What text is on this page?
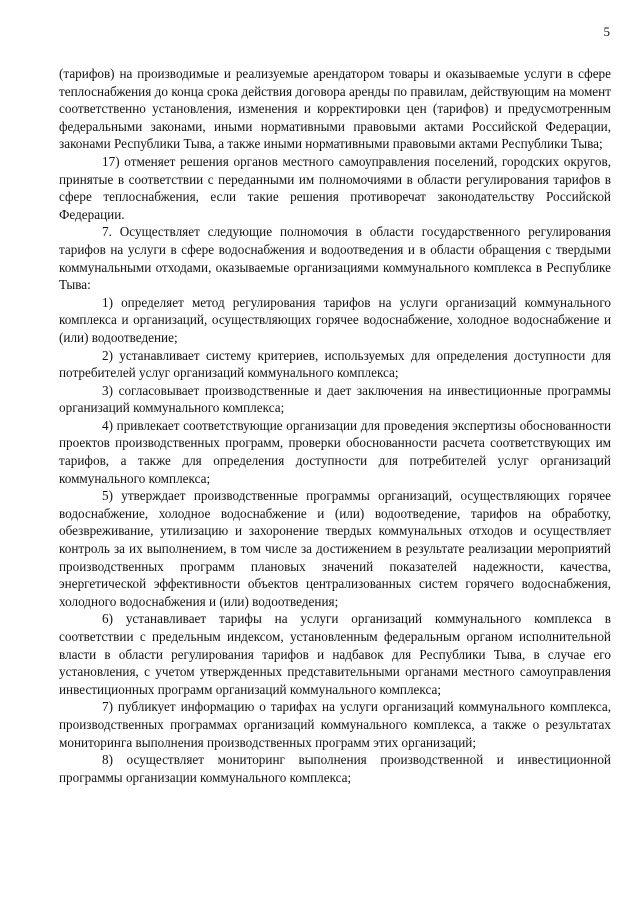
5

(тарифов) на производимые и реализуемые арендатором товары и оказываемые услуги в сфере теплоснабжения до конца срока действия договора аренды по правилам, действующим на момент соответственно установления, изменения и корректировки цен (тарифов) и предусмотренным федеральными законами, иными нормативными правовыми актами Российской Федерации, законами Республики Тыва, а также иными нормативными правовыми актами Республики Тыва;

17) отменяет решения органов местного самоуправления поселений, городских округов, принятые в соответствии с переданными им полномочиями в области регулирования тарифов в сфере теплоснабжения, если такие решения противоречат законодательству Российской Федерации.

7. Осуществляет следующие полномочия в области государственного регулирования тарифов на услуги в сфере водоснабжения и водоотведения и в области обращения с твердыми коммунальными отходами, оказываемые организациями коммунального комплекса в Республике Тыва:

1) определяет метод регулирования тарифов на услуги организаций коммунального комплекса и организаций, осуществляющих горячее водоснабжение, холодное водоснабжение и (или) водоотведение;

2) устанавливает систему критериев, используемых для определения доступности для потребителей услуг организаций коммунального комплекса;

3) согласовывает производственные и дает заключения на инвестиционные программы организаций коммунального комплекса;

4) привлекает соответствующие организации для проведения экспертизы обоснованности проектов производственных программ, проверки обоснованности расчета соответствующих им тарифов, а также для определения доступности для потребителей услуг организаций коммунального комплекса;

5) утверждает производственные программы организаций, осуществляющих горячее водоснабжение, холодное водоснабжение и (или) водоотведение, тарифов на обработку, обезвреживание, утилизацию и захоронение твердых коммунальных отходов и осуществляет контроль за их выполнением, в том числе за достижением в результате реализации мероприятий производственных программ плановых значений показателей надежности, качества, энергетической эффективности объектов централизованных систем горячего водоснабжения, холодного водоснабжения и (или) водоотведения;

6) устанавливает тарифы на услуги организаций коммунального комплекса в соответствии с предельным индексом, установленным федеральным органом исполнительной власти в области регулирования тарифов и надбавок для Республики Тыва, в случае его установления, с учетом утвержденных представительными органами местного самоуправления инвестиционных программ организаций коммунального комплекса;

7) публикует информацию о тарифах на услуги организаций коммунального комплекса, производственных программах организаций коммунального комплекса, а также о результатах мониторинга выполнения производственных программ этих организаций;

8) осуществляет мониторинг выполнения производственной и инвестиционной программы организации коммунального комплекса;
